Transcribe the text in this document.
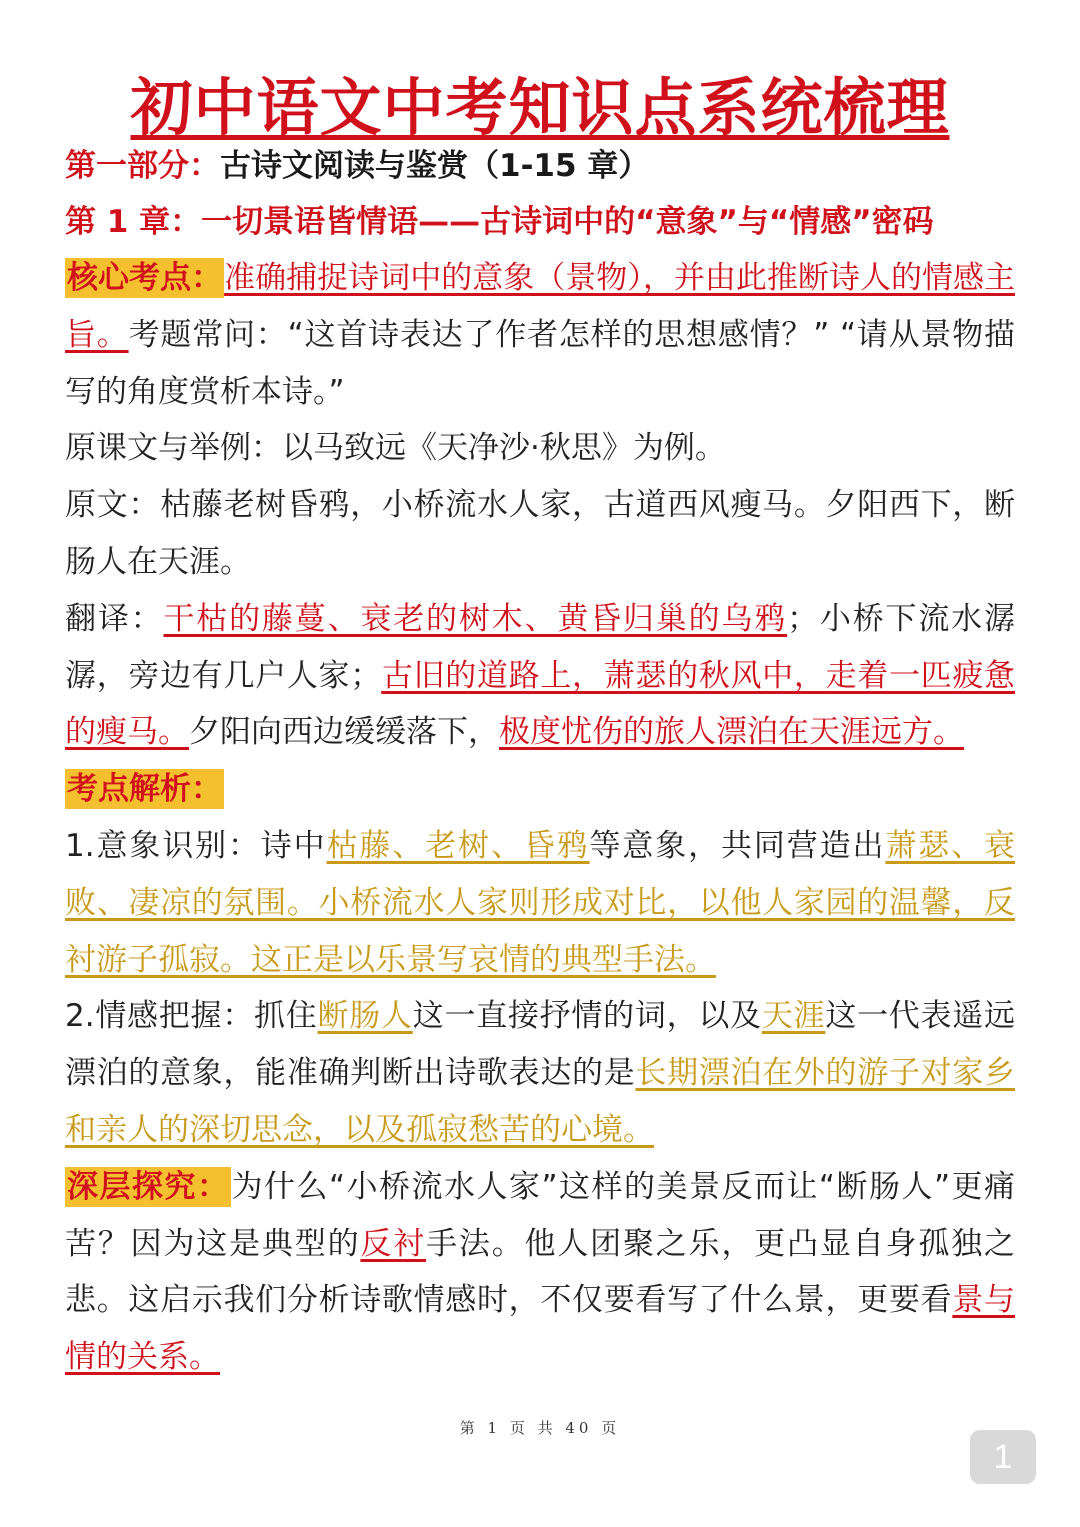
初中语文中考知识点系统梳理
第一部分：古诗文阅读与鉴赏（1-15 章）
第 1 章：一切景语皆情语——古诗词中的“意象”与“情感”密码

核心考点：准确捕捉诗词中的意象（景物），并由此推断诗人的情感主旨。考题常问：“这首诗表达了作者怎样的思想感情？” “请从景物描写的角度赏析本诗。”

原课文与举例：以马致远《天净沙·秋思》为例。

原文：枯藤老树昏鸦，小桥流水人家，古道西风瘦马。夕阳西下，断肠人在天涯。

翻译：干枯的藤蔓、衰老的树木、黄昏归巢的乌鸦；小桥下流水潺潺，旁边有几户人家；古旧的道路上，萧瑟的秋风中，走着一匹疲惫的瘦马。夕阳向西边缓缓落下，极度忧伤的旅人漂泊在天涯远方。

考点解析：

1.意象识别：诗中枯藤、老树、昏鸦等意象，共同营造出萧瑟、衰败、凄凉的氛围。小桥流水人家则形成对比，以他人家园的温馨，反衬游子孤寂。这正是以乐景写哀情的典型手法。

2.情感把握：抓住断肠人这一直接抒情的词，以及天涯这一代表遥远漂泊的意象，能准确判断出诗歌表达的是长期漂泊在外的游子对家乡和亲人的深切思念，以及孤寂愁苦的心境。

深层探究：为什么“小桥流水人家”这样的美景反而让“断肠人”更痛苦？因为这是典型的反衬手法。他人团聚之乐，更凸显自身孤独之悲。这启示我们分析诗歌情感时，不仅要看写了什么景，更要看景与情的关系。

第 1 页 共 40 页
1
